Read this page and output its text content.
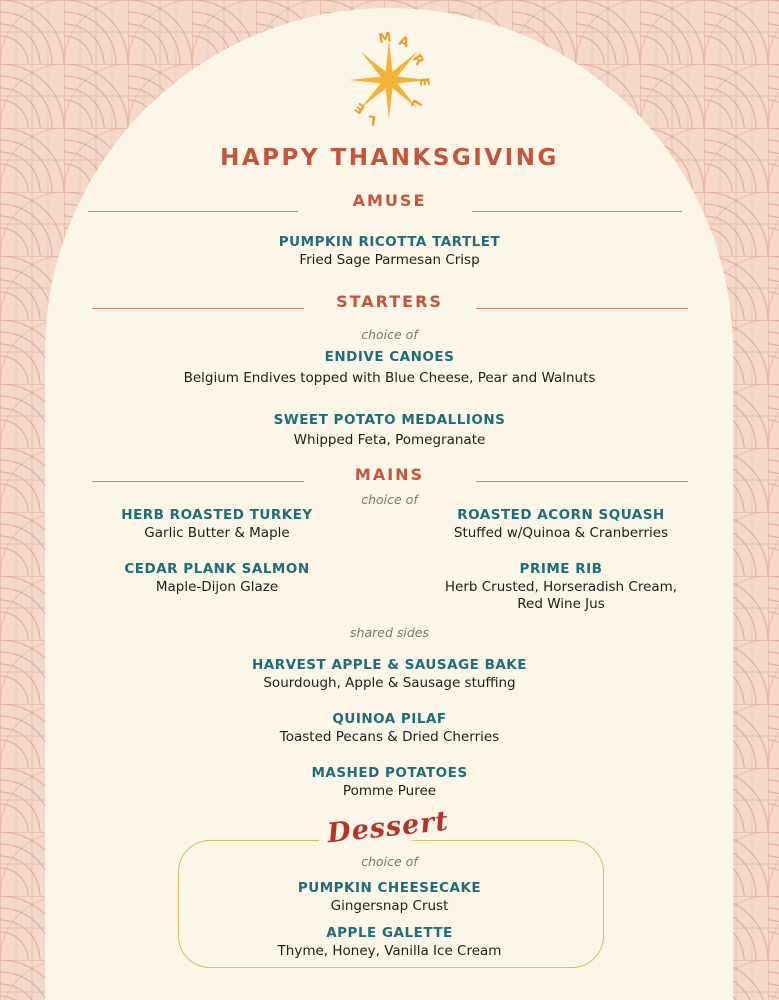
M A
R
E
L
L
E
HAPPY THANKSGIVING
AMUSE
PUMPKIN RICOTTA TARTLET
Fried Sage Parmesan Crisp
STARTERS
choice of
ENDIVE CANOES
Belgium Endives topped with Blue Cheese, Pear and Walnuts
SWEET POTATO MEDALLIONS
Whipped Feta, Pomegranate
MAINS
choice of
HERB ROASTED TURKEY
Garlic Butter & Maple
ROASTED ACORN SQUASH
Stuffed w/Quinoa & Cranberries
CEDAR PLANK SALMON
Maple-Dijon Glaze
PRIME RIB
Herb Crusted, Horseradish Cream,
Red Wine Jus
shared sides
HARVEST APPLE & SAUSAGE BAKE
Sourdough, Apple & Sausage stuffing
QUINOA PILAF
Toasted Pecans & Dried Cherries
MASHED POTATOES
Pomme Puree
Dessert
choice of
PUMPKIN CHEESECAKE
Gingersnap Crust
APPLE GALETTE
Thyme, Honey, Vanilla Ice Cream
